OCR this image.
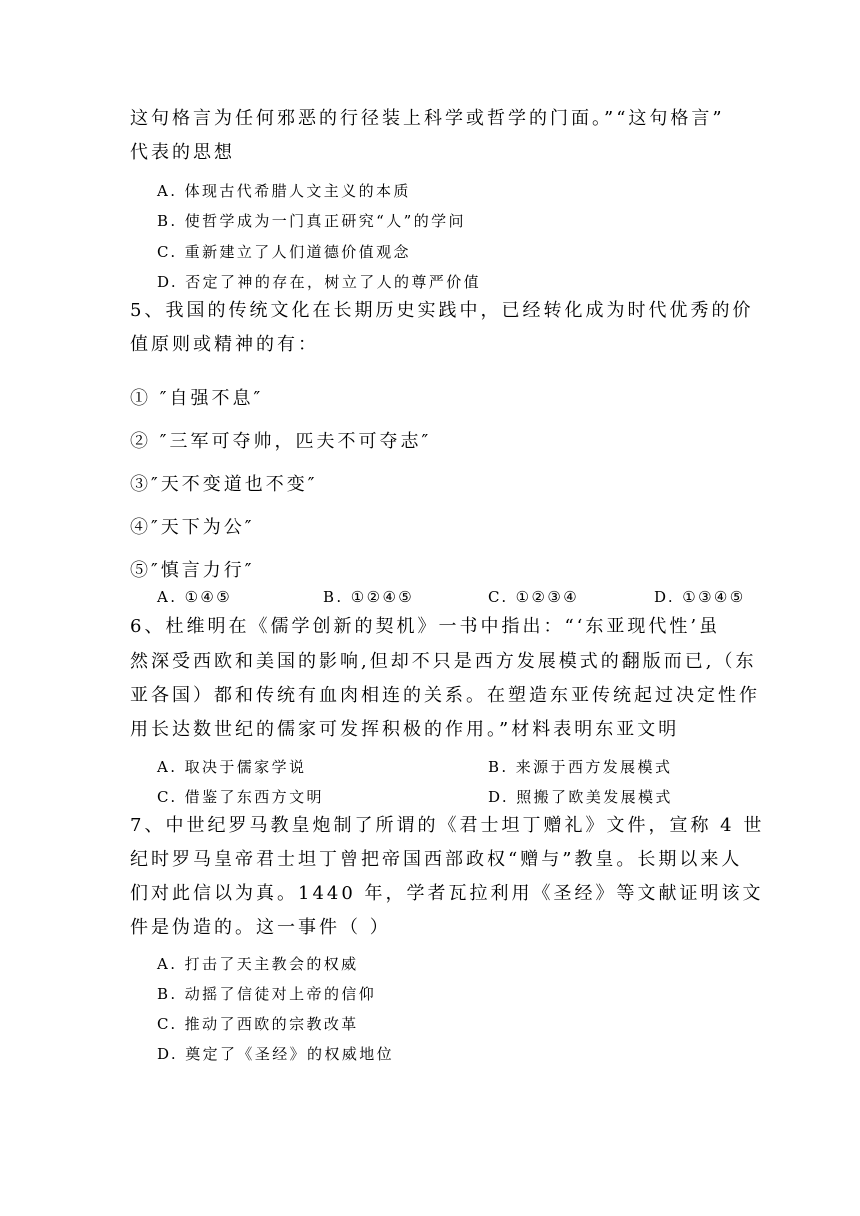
这句格言为任何邪恶的行径装上科学或哲学的门面。”“这句格言”
代表的思想
A. 体现古代希腊人文主义的本质
B. 使哲学成为一门真正研究“人”的学问
C. 重新建立了人们道德价值观念
D. 否定了神的存在，树立了人的尊严价值
5、我国的传统文化在长期历史实践中，已经转化成为时代优秀的价
值原则或精神的有：
① ″自强不息″
② ″三军可夺帅，匹夫不可夺志″
③″天不变道也不变″
④″天下为公″
⑤″慎言力行″
A. ①④⑤	B. ①②④⑤	C. ①②③④	D. ①③④⑤
6、杜维明在《儒学创新的契机》一书中指出：“‘东亚现代性’虽
然深受西欧和美国的影响,但却不只是西方发展模式的翻版而已,（东
亚各国）都和传统有血肉相连的关系。在塑造东亚传统起过决定性作
用长达数世纪的儒家可发挥积极的作用。”材料表明东亚文明
A. 取决于儒家学说	B. 来源于西方发展模式
C. 借鉴了东西方文明	D. 照搬了欧美发展模式
7、中世纪罗马教皇炮制了所谓的《君士坦丁赠礼》文件，宣称 4 世
纪时罗马皇帝君士坦丁曾把帝国西部政权“赠与”教皇。长期以来人
们对此信以为真。1440 年，学者瓦拉利用《圣经》等文献证明该文
件是伪造的。这一事件（ ）
A. 打击了天主教会的权威
B. 动摇了信徒对上帝的信仰
C. 推动了西欧的宗教改革
D. 奠定了《圣经》的权威地位
